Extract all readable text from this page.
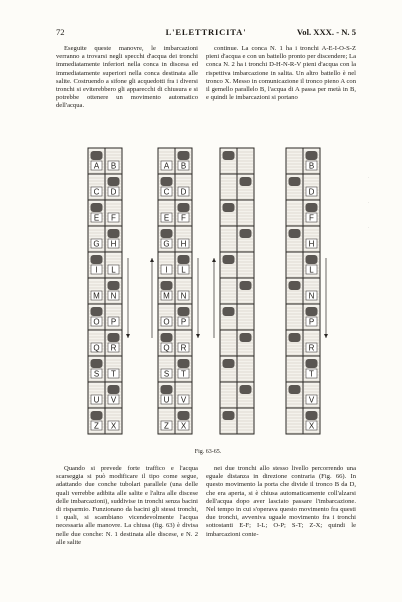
72	L'ELETTRICITA'	Vol. XXX. - N. 5

Eseguite queste manovre, le imbarcazioni verranno a trovarsi negli specchi d'acqua dei tronchi immediatamente inferiori nella conca in discesa ed immediatamente superiori nella conca destinata alle salite. Costruendo a sifone gli acquedotti fra i diversi tronchi si eviterebbero gli apparecchi di chiusura e si potrebbe ottenere un movimento automatico dell'acqua.

continue. La conca N. 1 ha i tronchi A-E-I-O-S-Z pieni d'acqua e con un battello pronto per discendere; La conca N. 2 ha i tronchi D-H-N-R-V pieni d'acqua con la rispettiva imbarcazione in salita. Un altro battello è nel tronco X. Messo in comunicazione il tronco pieno A con il gemello parallelo B, l'acqua di A passa per metà in B, e quindi le imbarcazioni si portano

A
C
E
G
I
M
O
Q
S
U
Z
B
D
F
H
L
N
P
R
T
V
X
A
C
E
G
I
M
O
Q
S
U
Z
B
D
F
H
L
N
P
R
T
V
X
B
D
F
H
L
N
P
R
T
V
X
Fig. 63-65.

Quando si prevede forte traffico e l'acqua scarseggia si può modificare il tipo come segue, adattando due conche tubolari parallele (una delle quali verrebbe adibita alle salite e l'altra alle discese delle imbarcazioni), suddivise in tronchi senza bacini di risparmio. Funzionano da bacini gli stessi tronchi, i quali, si scambiano vicendevolmente l'acqua necessaria alle manovre. La chiusa (fig. 63) è divisa nelle due conche: N. 1 destinata alle discese, e N. 2 alle salite

nei due tronchi allo stesso livello percorrendo una eguale distanza in direzione contraria (Fig. 66). In questo movimento la porta che divide il tronco B da D, che era aperta, si è chiusa automaticamente coll'alzarsi dell'acqua dopo aver lasciato passare l'imbarcazione. Nel tempo in cui s'operava questo movimento fra questi due tronchi, avveniva uguale movimento fra i tronchi sottostanti E-F; I-L; O-P; S-T; Z-X; quindi le imbarcazioni conte-

·

·

·
